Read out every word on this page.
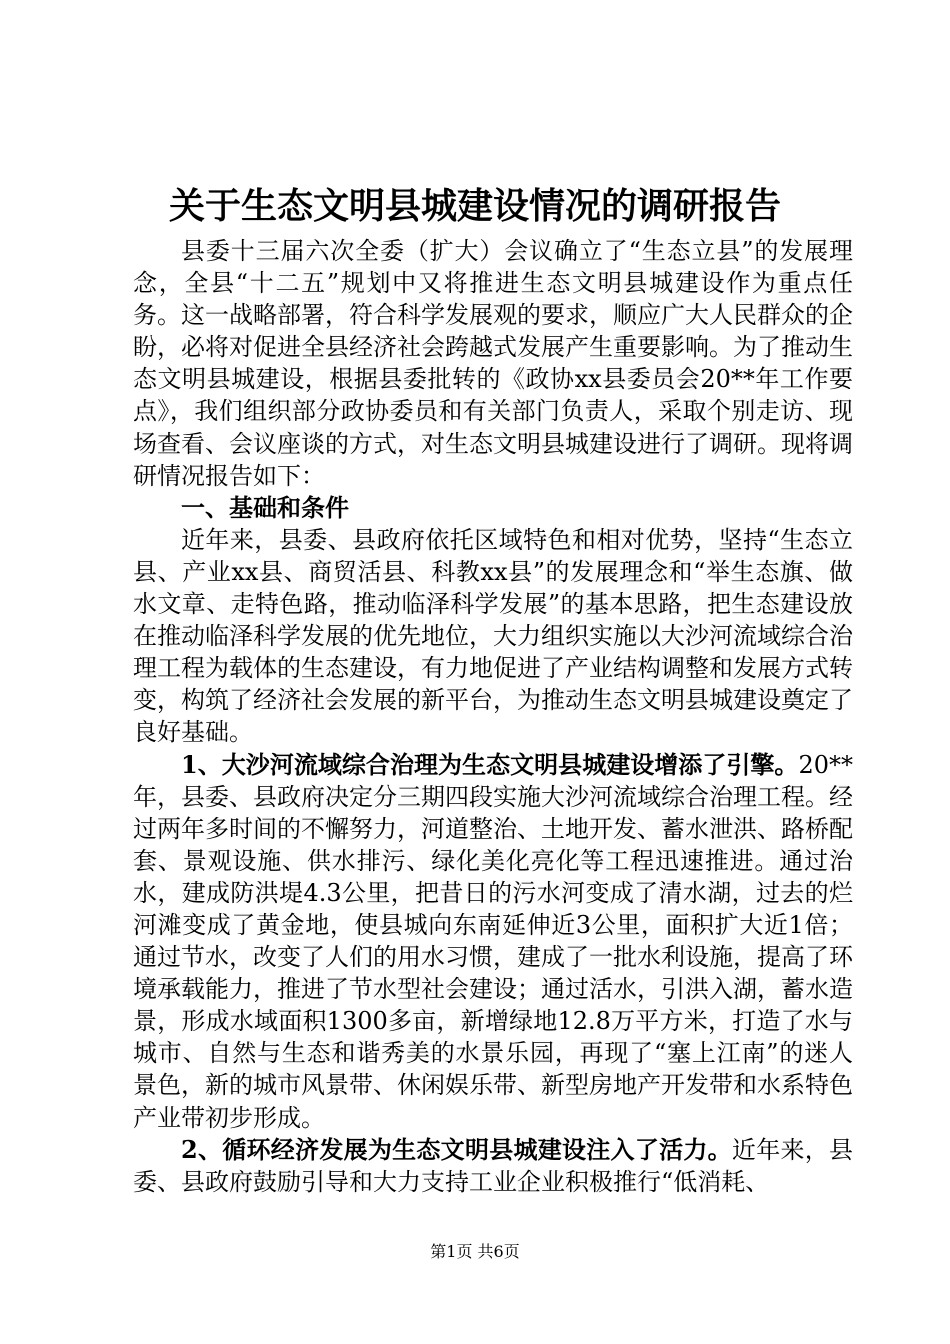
关于生态文明县城建设情况的调研报告

县委十三届六次全委（扩大）会议确立了“生态立县”的发展理念，全县“十二五”规划中又将推进生态文明县城建设作为重点任务。这一战略部署，符合科学发展观的要求，顺应广大人民群众的企盼，必将对促进全县经济社会跨越式发展产生重要影响。为了推动生态文明县城建设，根据县委批转的《政协xx县委员会20**年工作要点》，我们组织部分政协委员和有关部门负责人，采取个别走访、现场查看、会议座谈的方式，对生态文明县城建设进行了调研。现将调研情况报告如下：

一、基础和条件

近年来，县委、县政府依托区域特色和相对优势，坚持“生态立县、产业xx县、商贸活县、科教xx县”的发展理念和“举生态旗、做水文章、走特色路，推动临泽科学发展”的基本思路，把生态建设放在推动临泽科学发展的优先地位，大力组织实施以大沙河流域综合治理工程为载体的生态建设，有力地促进了产业结构调整和发展方式转变，构筑了经济社会发展的新平台，为推动生态文明县城建设奠定了良好基础。

1、大沙河流域综合治理为生态文明县城建设增添了引擎。20**年，县委、县政府决定分三期四段实施大沙河流域综合治理工程。经过两年多时间的不懈努力，河道整治、土地开发、蓄水泄洪、路桥配套、景观设施、供水排污、绿化美化亮化等工程迅速推进。通过治水，建成防洪堤4.3公里，把昔日的污水河变成了清水湖，过去的烂河滩变成了黄金地，使县城向东南延伸近3公里，面积扩大近1倍；通过节水，改变了人们的用水习惯，建成了一批水利设施，提高了环境承载能力，推进了节水型社会建设；通过活水，引洪入湖，蓄水造景，形成水域面积1300多亩，新增绿地12.8万平方米，打造了水与城市、自然与生态和谐秀美的水景乐园，再现了“塞上江南”的迷人景色，新的城市风景带、休闲娱乐带、新型房地产开发带和水系特色产业带初步形成。

2、循环经济发展为生态文明县城建设注入了活力。近年来，县委、县政府鼓励引导和大力支持工业企业积极推行“低消耗、

第1页 共6页
